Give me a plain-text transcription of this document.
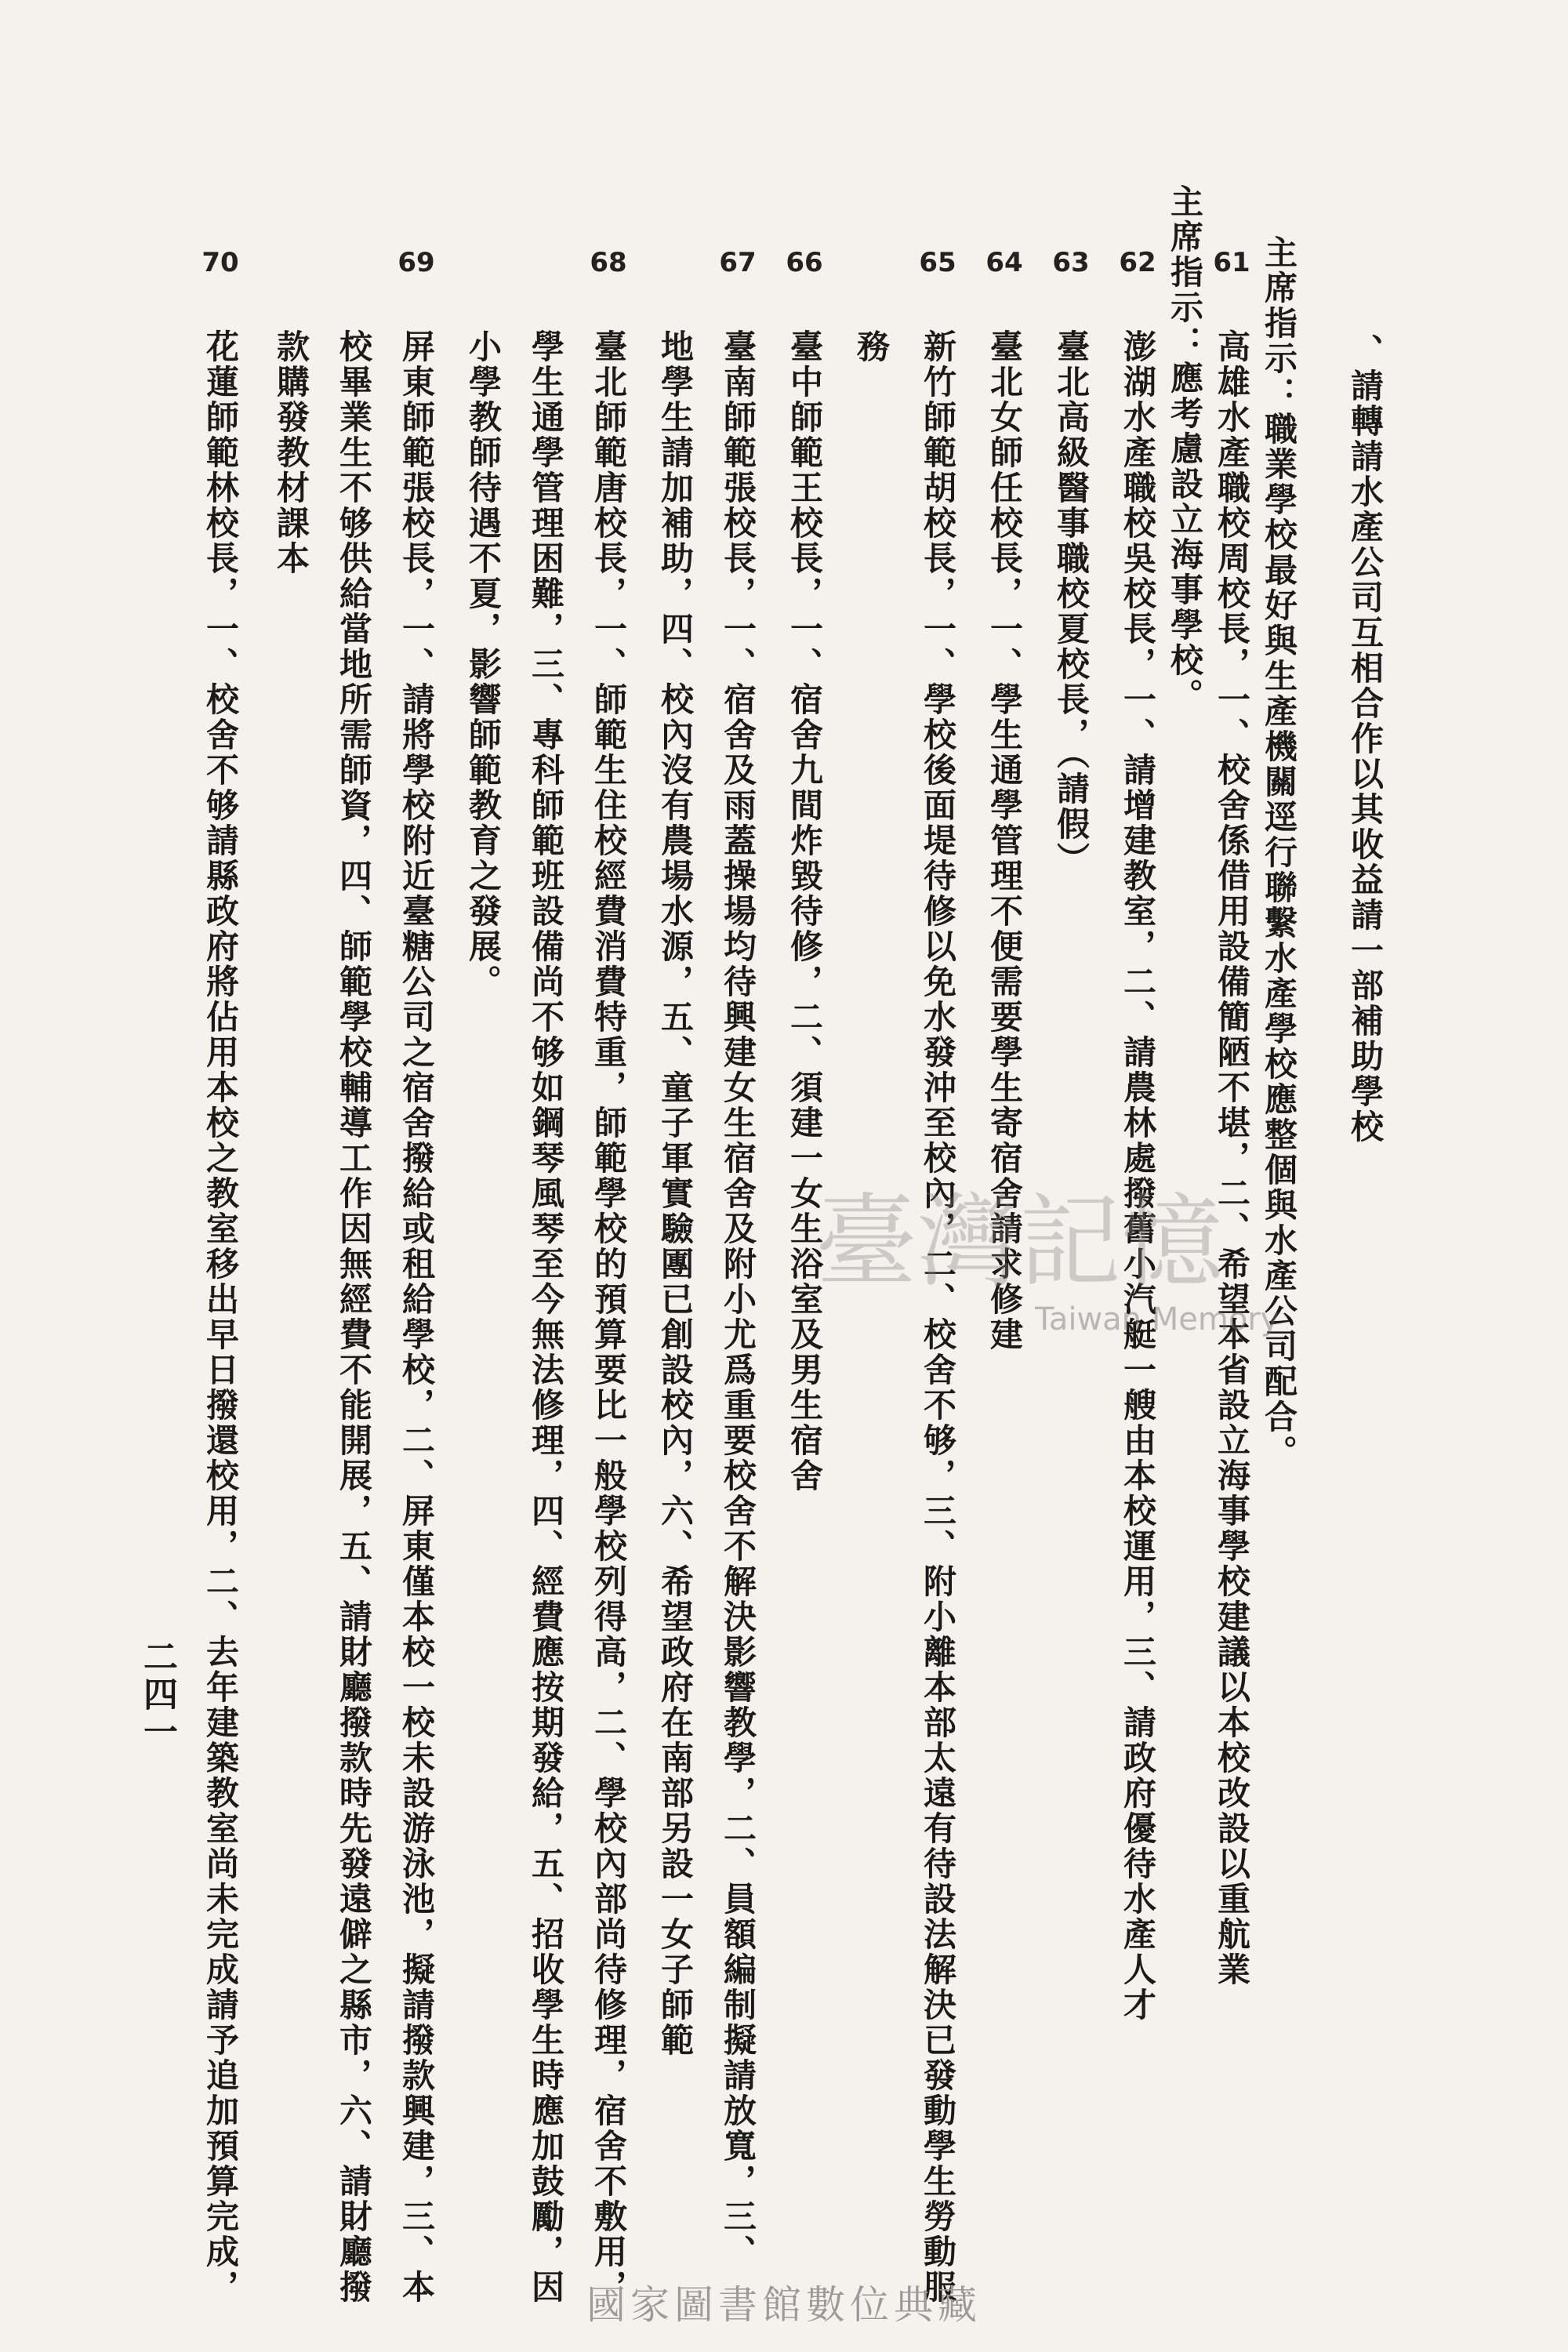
、請轉請水產公司互相合作以其收益請一部補助學校
主席指示：職業學校最好與生產機關逕行聯繫水產學校應整個與水產公司配合。
61
高雄水產職校周校長，一、校舍係借用設備簡陋不堪，二、希望本省設立海事學校建議以本校改設以重航業
主席指示：應考慮設立海事學校。
62
澎湖水產職校吳校長，一、請增建教室，二、請農林處撥舊小汽艇一艘由本校運用，三、請政府優待水產人才
63
臺北高級醫事職校夏校長，（請假）
64
臺北女師任校長，一、學生通學管理不便需要學生寄宿舍請求修建
65
新竹師範胡校長，一、學校後面堤待修以免水發沖至校內，二、校舍不够，三、附小離本部太遠有待設法解決已發動學生勞動服
務
66
臺中師範王校長，一、宿舍九間炸毀待修，二、須建一女生浴室及男生宿舍
67
臺南師範張校長，一、宿舍及雨蓋操場均待興建女生宿舍及附小尤爲重要校舍不解決影響教學，二、員額編制擬請放寬，三、
地學生請加補助，四、校內沒有農場水源，五、童子軍實驗團已創設校內，六、希望政府在南部另設一女子師範
68
臺北師範唐校長，一、師範生住校經費消費特重，師範學校的預算要比一般學校列得高，二、學校內部尚待修理，宿舍不敷用，
學生通學管理困難，三、專科師範班設備尚不够如鋼琴風琴至今無法修理，四、經費應按期發給，五、招收學生時應加鼓勵，因
小學教師待遇不夏，影響師範教育之發展。
69
屏東師範張校長，一、請將學校附近臺糖公司之宿舍撥給或租給學校，二、屏東僅本校一校未設游泳池，擬請撥款興建，三、本
校畢業生不够供給當地所需師資，四、師範學校輔導工作因無經費不能開展，五、請財廳撥款時先發遠僻之縣市，六、請財廳撥
款購發教材課本
70
花蓮師範林校長，一、校舍不够請縣政府將佔用本校之教室移出早日撥還校用，二、去年建築教室尚未完成請予追加預算完成，
二四一
臺灣記憶
Taiwan Memory
國家圖書館數位典藏
